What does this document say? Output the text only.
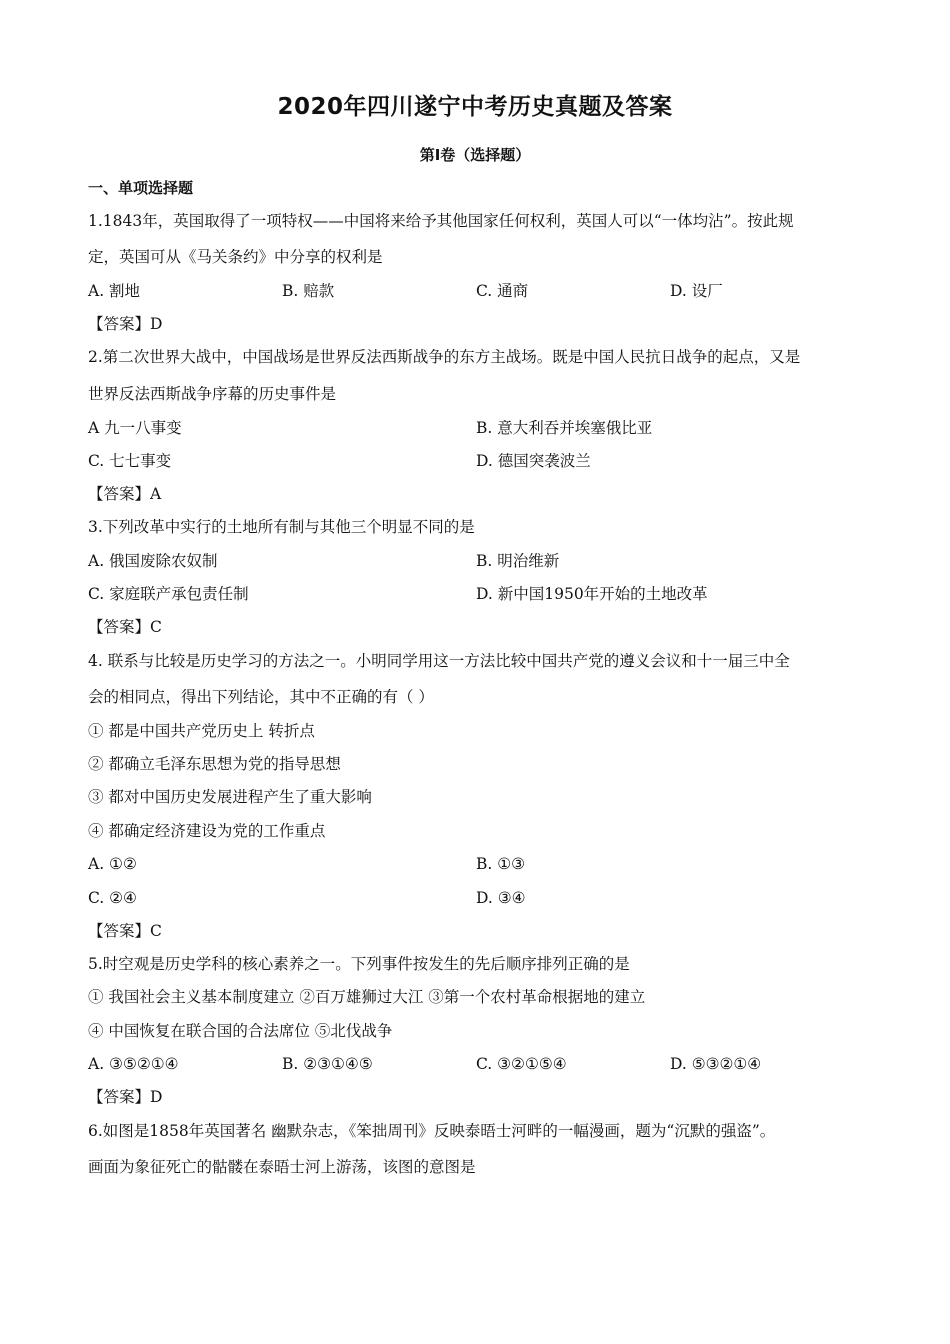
2020年四川遂宁中考历史真题及答案
第I卷（选择题）
一、单项选择题
1.1843年，英国取得了一项特权——中国将来给予其他国家任何权利，英国人可以“一体均沾”。按此规
定，英国可从《马关条约》中分享的权利是
A. 割地	B. 赔款	C. 通商	D. 设厂
【答案】D
2.第二次世界大战中，中国战场是世界反法西斯战争的东方主战场。既是中国人民抗日战争的起点，又是
世界反法西斯战争序幕的历史事件是
A 九一八事变	B. 意大利吞并埃塞俄比亚
C. 七七事变	D. 德国突袭波兰
【答案】A
3.下列改革中实行的土地所有制与其他三个明显不同的是
A. 俄国废除农奴制	B. 明治维新
C. 家庭联产承包责任制	D. 新中国1950年开始的土地改革
【答案】C
4. 联系与比较是历史学习的方法之一。小明同学用这一方法比较中国共产党的遵义会议和十一届三中全
会的相同点，得出下列结论，其中不正确的有（ ）
① 都是中国共产党历史上 转折点
② 都确立毛泽东思想为党的指导思想
③ 都对中国历史发展进程产生了重大影响
④ 都确定经济建设为党的工作重点
A. ①②	B. ①③
C. ②④	D. ③④
【答案】C
5.时空观是历史学科的核心素养之一。下列事件按发生的先后顺序排列正确的是
① 我国社会主义基本制度建立 ②百万雄狮过大江 ③第一个农村革命根据地的建立
④ 中国恢复在联合国的合法席位 ⑤北伐战争
A. ③⑤②①④	B. ②③①④⑤	C. ③②①⑤④	D. ⑤③②①④
【答案】D
6.如图是1858年英国著名 幽默杂志，《笨拙周刊》反映泰晤士河畔的一幅漫画，题为“沉默的强盗”。
画面为象征死亡的骷髅在泰晤士河上游荡，该图的意图是
